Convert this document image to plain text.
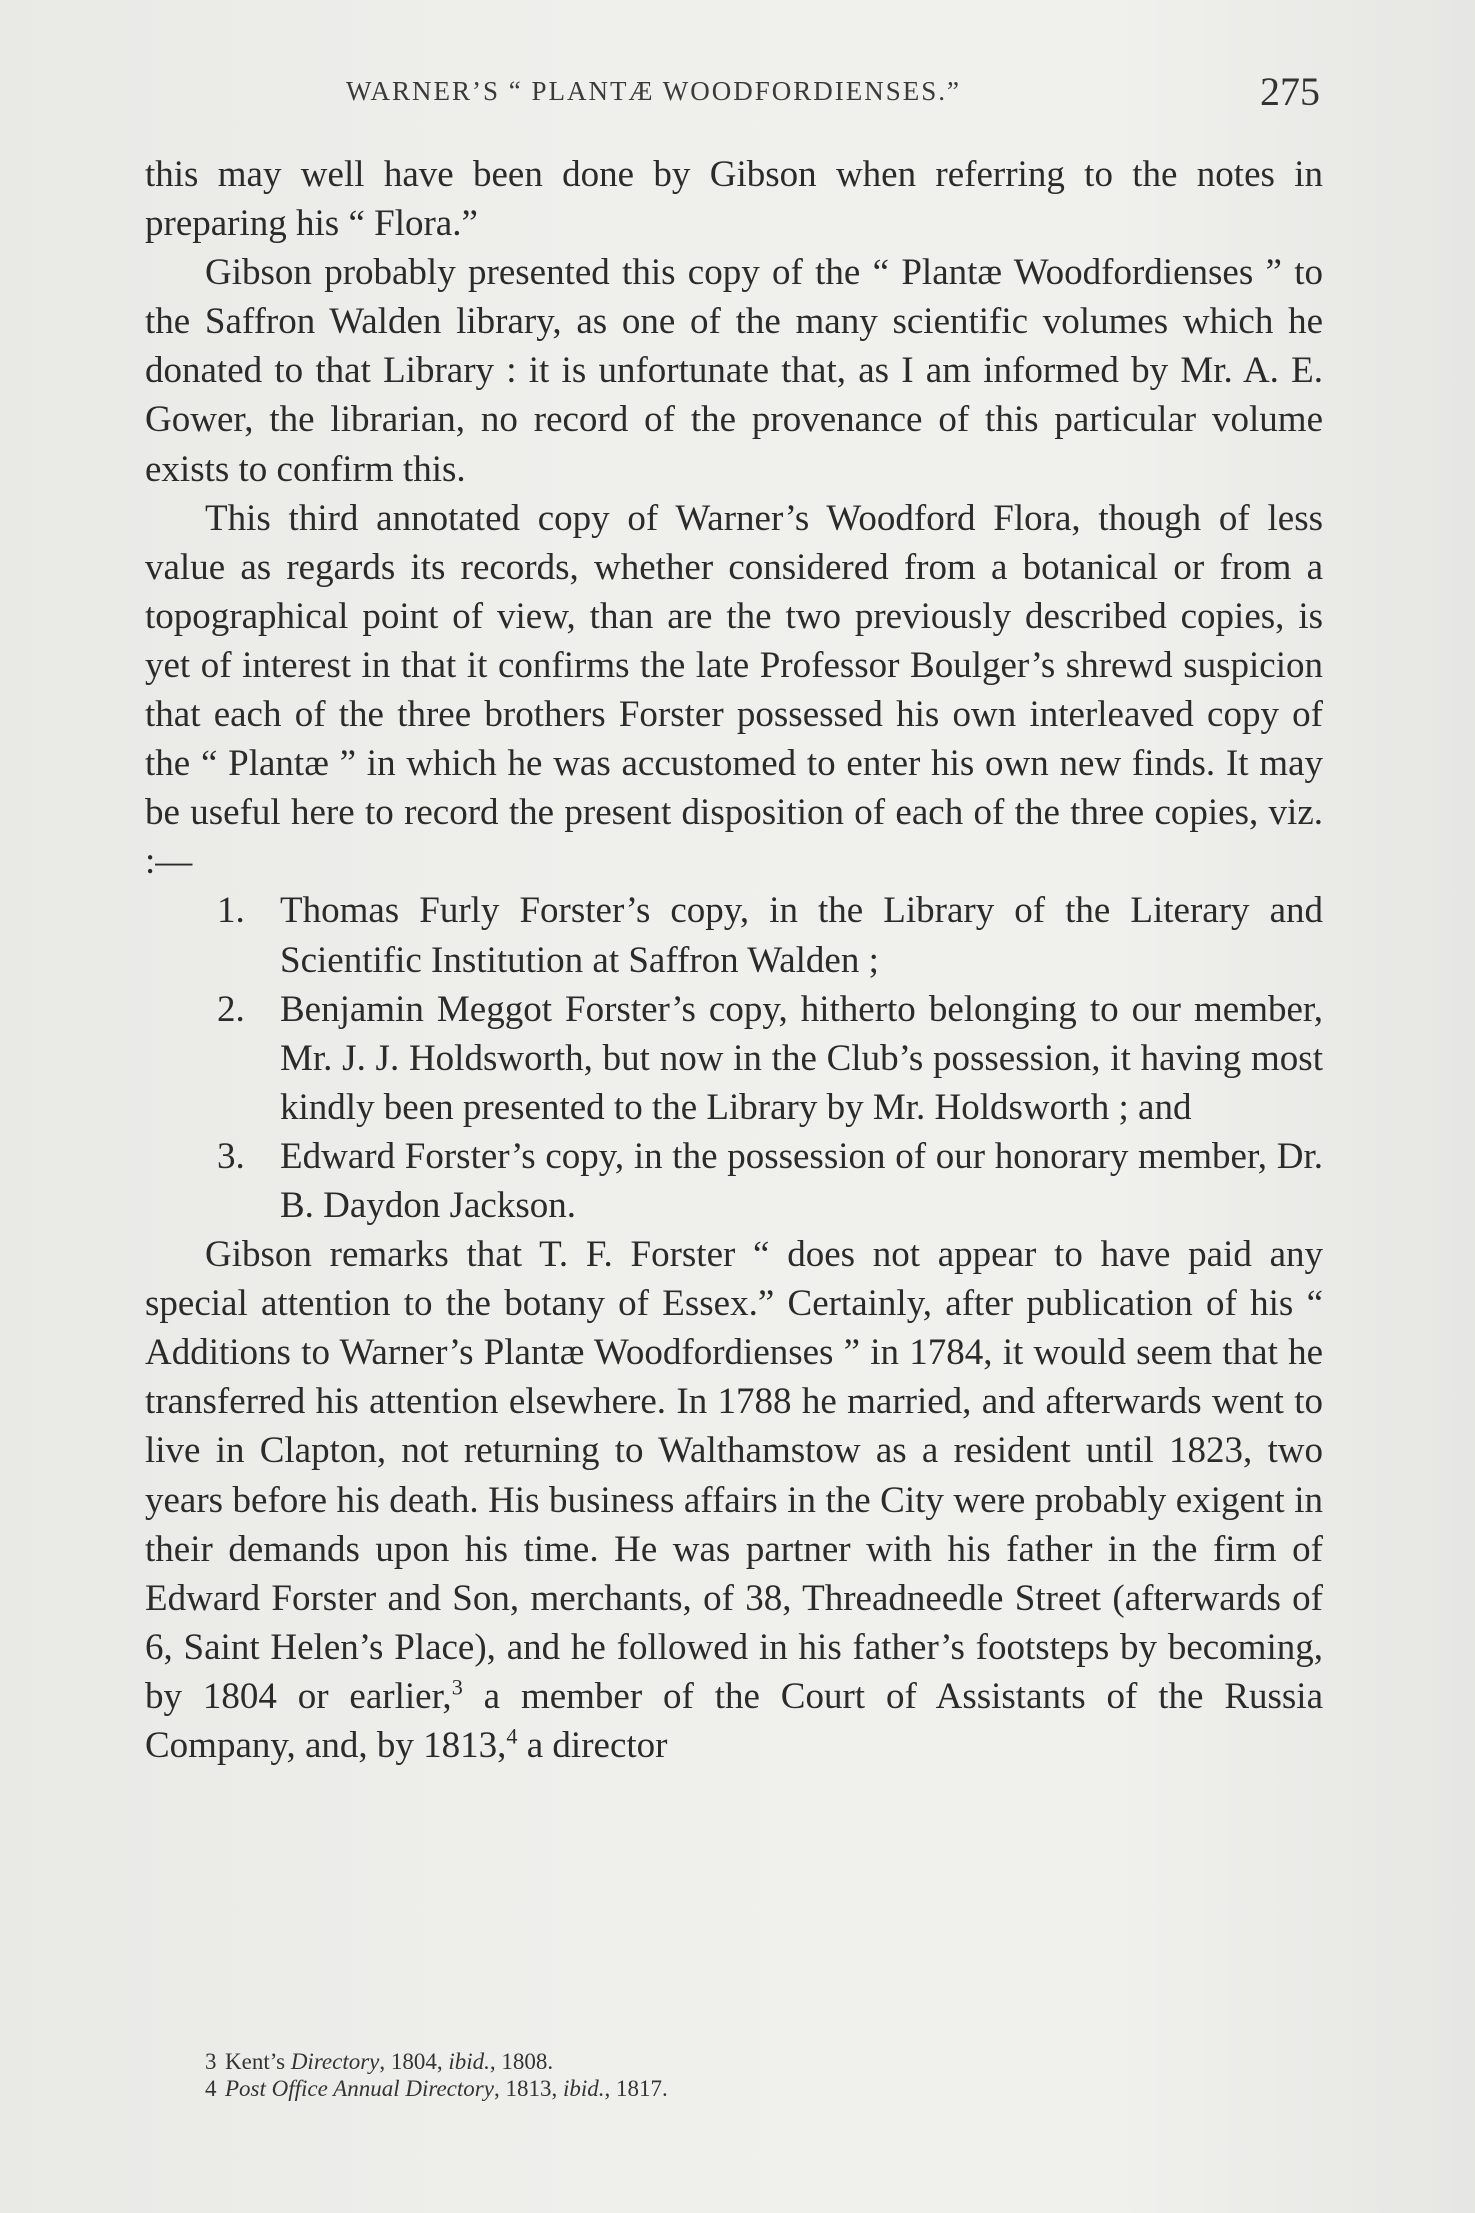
WARNER’S “ PLANTÆ WOODFORDIENSES.”	275

this may well have been done by Gibson when referring to the notes in preparing his “ Flora.”

Gibson probably presented this copy of the “ Plantæ Woodfordienses ” to the Saffron Walden library, as one of the many scientific volumes which he donated to that Library : it is unfortunate that, as I am informed by Mr. A. E. Gower, the librarian, no record of the provenance of this particular volume exists to confirm this.

This third annotated copy of Warner’s Woodford Flora, though of less value as regards its records, whether considered from a botanical or from a topographical point of view, than are the two previously described copies, is yet of interest in that it confirms the late Professor Boulger’s shrewd suspicion that each of the three brothers Forster possessed his own interleaved copy of the “ Plantæ ” in which he was accustomed to enter his own new finds. It may be useful here to record the present disposition of each of the three copies, viz. :—

1. Thomas Furly Forster’s copy, in the Library of the Literary and Scientific Institution at Saffron Walden ;
2. Benjamin Meggot Forster’s copy, hitherto belonging to our member, Mr. J. J. Holdsworth, but now in the Club’s possession, it having most kindly been presented to the Library by Mr. Holdsworth ; and
3. Edward Forster’s copy, in the possession of our honorary member, Dr. B. Daydon Jackson.

Gibson remarks that T. F. Forster “ does not appear to have paid any special attention to the botany of Essex.” Certainly, after publication of his “ Additions to Warner’s Plantæ Woodfordienses ” in 1784, it would seem that he transferred his attention elsewhere. In 1788 he married, and afterwards went to live in Clapton, not returning to Walthamstow as a resident until 1823, two years before his death. His business affairs in the City were probably exigent in their demands upon his time. He was partner with his father in the firm of Edward Forster and Son, merchants, of 38, Threadneedle Street (afterwards of 6, Saint Helen’s Place), and he followed in his father’s footsteps by becoming, by 1804 or earlier,$^3$ a member of the Court of Assistants of the Russia Company, and, by 1813,$^4$ a director

3 Kent’s Directory, 1804, ibid., 1808.
4 Post Office Annual Directory, 1813, ibid., 1817.
